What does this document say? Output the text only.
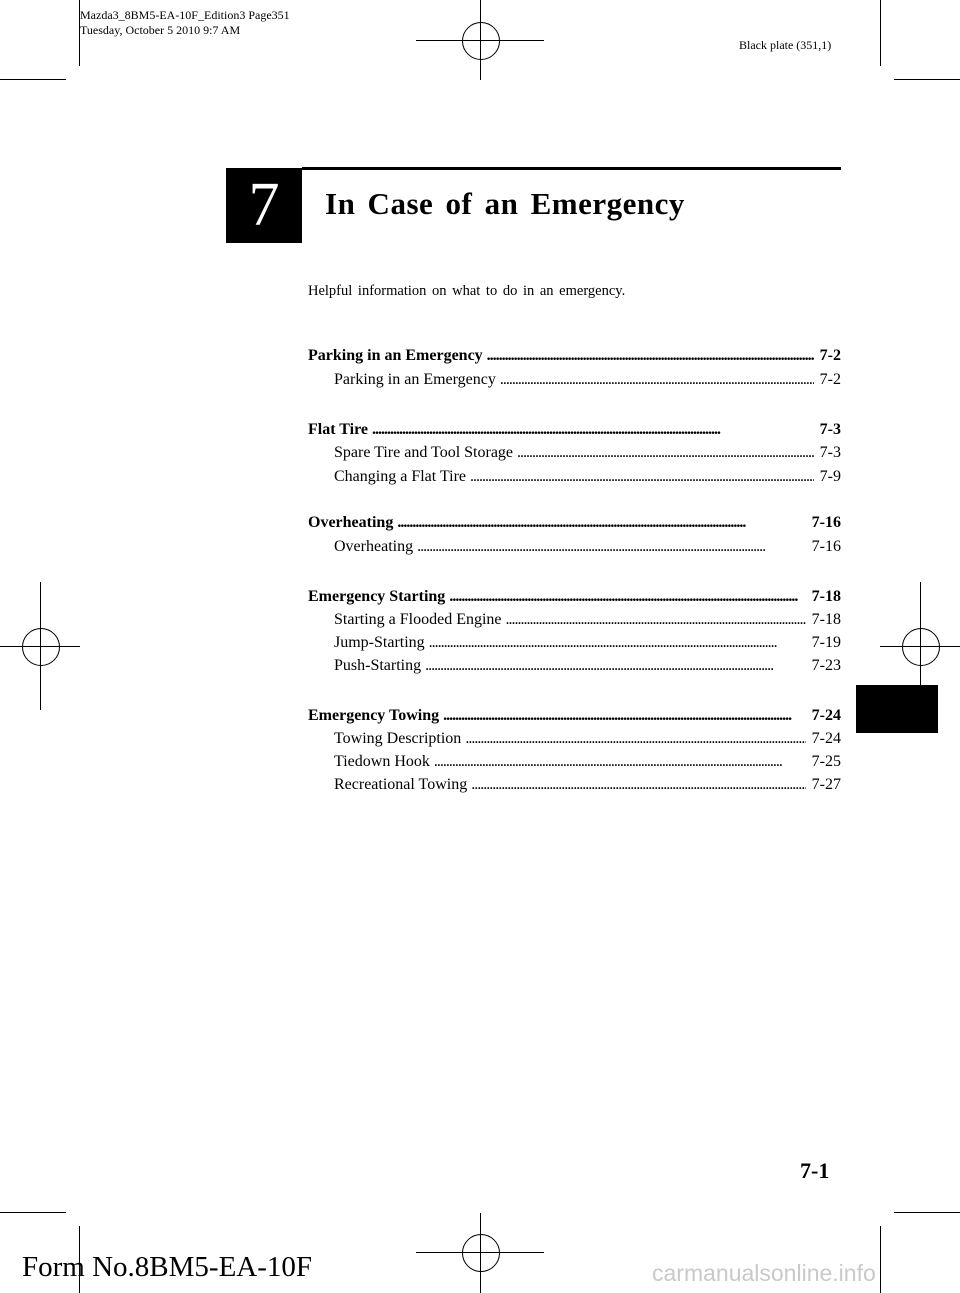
Mazda3_8BM5-EA-10F_Edition3 Page351
Tuesday, October 5 2010 9:7 AM
Black plate (351,1)
7	In Case of an Emergency
Helpful information on what to do in an emergency.
Parking in an Emergency . . .	7-2
Parking in an Emergency . . .	7-2
Flat Tire . . .	7-3
Spare Tire and Tool Storage . . .	7-3
Changing a Flat Tire . . .	7-9
Overheating . . .	7-16
Overheating . . .	7-16
Emergency Starting . . .	7-18
Starting a Flooded Engine . . .	7-18
Jump-Starting . . .	7-19
Push-Starting . . .	7-23
Emergency Towing . . .	7-24
Towing Description . . .	7-24
Tiedown Hook . . .	7-25
Recreational Towing . . .	7-27
7-1
Form No.8BM5-EA-10F	carmanualsonline.info
